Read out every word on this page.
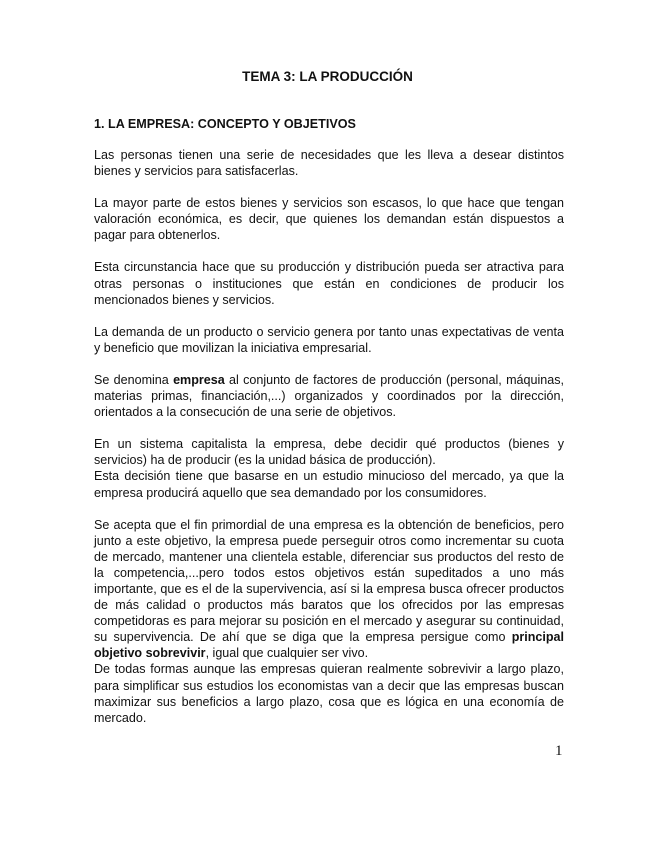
TEMA 3: LA PRODUCCIÓN
1. LA EMPRESA: CONCEPTO Y OBJETIVOS

Las personas tienen una serie de necesidades que les lleva a desear distintos bienes y servicios para satisfacerlas.

La mayor parte de estos bienes y servicios son escasos, lo que hace que tengan valoración económica, es decir, que quienes los demandan están dispuestos a pagar para obtenerlos.

Esta circunstancia hace que su producción y distribución pueda ser atractiva para otras personas o instituciones que están en condiciones de producir los mencionados bienes y servicios.

La demanda de un producto o servicio genera por tanto unas expectativas de venta y beneficio que movilizan la iniciativa empresarial.

Se denomina empresa al conjunto de factores de producción (personal, máquinas, materias primas, financiación,...) organizados y coordinados por la dirección, orientados a la consecución de una serie de objetivos.

En un sistema capitalista la empresa, debe decidir qué productos (bienes y servicios) ha de producir (es la unidad básica de producción).

Esta decisión tiene que basarse en un estudio minucioso del mercado, ya que la empresa producirá aquello que sea demandado por los consumidores.

Se acepta que el fin primordial de una empresa es la obtención de beneficios, pero junto a este objetivo, la empresa puede perseguir otros como incrementar su cuota de mercado, mantener una clientela estable, diferenciar sus productos del resto de la competencia,...pero todos estos objetivos están supeditados a uno más importante, que es el de la supervivencia, así si la empresa busca ofrecer productos de más calidad o productos más baratos que los ofrecidos por las empresas competidoras es para mejorar su posición en el mercado y asegurar su continuidad, su supervivencia. De ahí que se diga que la empresa persigue como principal objetivo sobrevivir, igual que cualquier ser vivo.

De todas formas aunque las empresas quieran realmente sobrevivir a largo plazo, para simplificar sus estudios los economistas van a decir que las empresas buscan maximizar sus beneficios a largo plazo, cosa que es lógica en una economía de mercado.

1
